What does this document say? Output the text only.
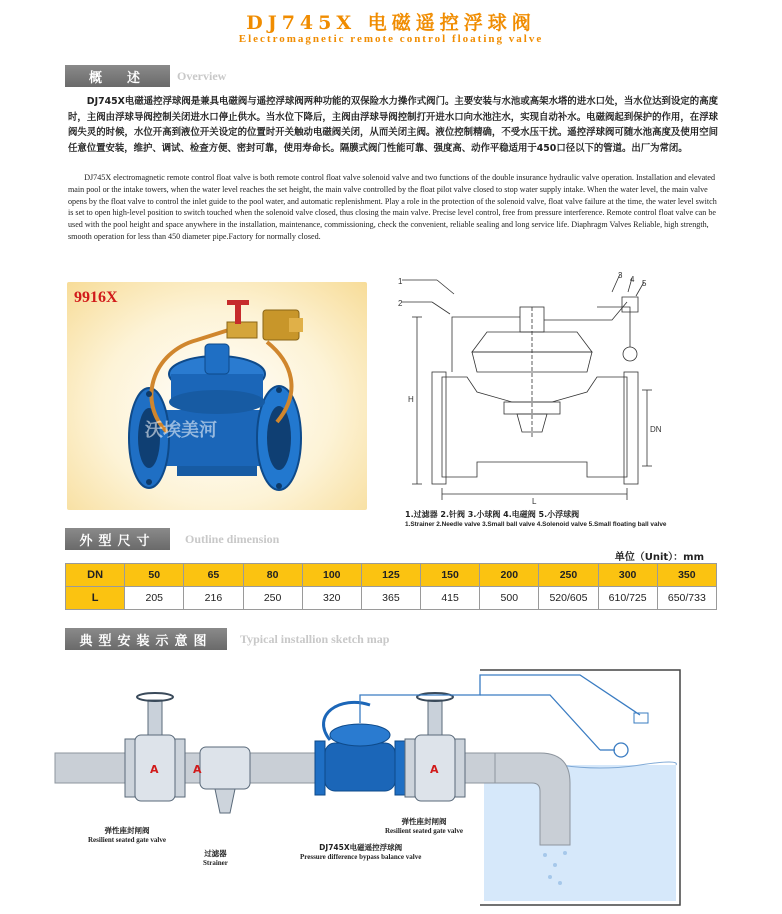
DJ745X 电磁遥控浮球阀
Electromagnetic remote control floating valve
概　述	Overview
DJ745X电磁遥控浮球阀是兼具电磁阀与遥控浮球阀两种功能的双保险水力操作式阀门。主要安装与水池或高架水塔的进水口处，当水位达到设定的高度时，主阀由浮球导阀控制关闭进水口停止供水。当水位下降后，主阀由浮球导阀控制打开进水口向水池注水，实现自动补水。电磁阀起到保护的作用，在浮球阀失灵的时候，水位开高到液位开关设定的位置时开关触动电磁阀关闭，从而关闭主阀。液位控制精确，不受水压干扰。遥控浮球阀可随水池高度及使用空间任意位置安装，维护、调试、检查方便、密封可靠，使用寿命长。隔膜式阀门性能可靠、强度高、动作平稳适用于450口径以下的管道。出厂为常闭。
DJ745X electromagnetic remote control float valve is both remote control float valve solenoid valve and two functions of the double insurance hydraulic valve operation. Installation and elevated main pool or the intake towers, when the water level reaches the set height, the main valve controlled by the float pilot valve closed to stop water supply intake. When the water level, the main valve opens by the float valve to control the inlet guide to the pool water, and automatic replenishment. Play a role in the protection of the solenoid valve, float valve failure at the time, the water level switch is set to open high-level position to switch touched when the solenoid valve closed, thus closing the main valve. Precise level control, free from pressure interference. Remote control float valve can be used with the pool height and space anywhere in the installation, maintenance, commissioning, check the convenient, reliable sealing and long service life. Diaphragm Valves Reliable, high strength, smooth operation for less than 450 diameter pipe.Factory for normally closed.
沃埃美河
9916X
1
2
3 4 5
H
L
DN
1.过滤器 2.针阀 3.小球阀 4.电磁阀 5.小浮球阀
1.Strainer 2.Needle valve 3.Small ball valve 4.Solenoid valve 5.Small floating ball valve
外型尺寸	Outline dimension
单位（Unit）：mm
DN	50	65	80	100	125	150	200	250	300	350
L	205	216	250	320	365	415	500	520/605	610/725	650/733
典型安装示意图	Typical installion sketch map
A	A	A
弹性座封闸阀
Resilient seated gate valve
过滤器
Strainer
DJ745X电磁遥控浮球阀
Pressure difference bypass balance valve
弹性座封闸阀
Resilient seated gate valve
